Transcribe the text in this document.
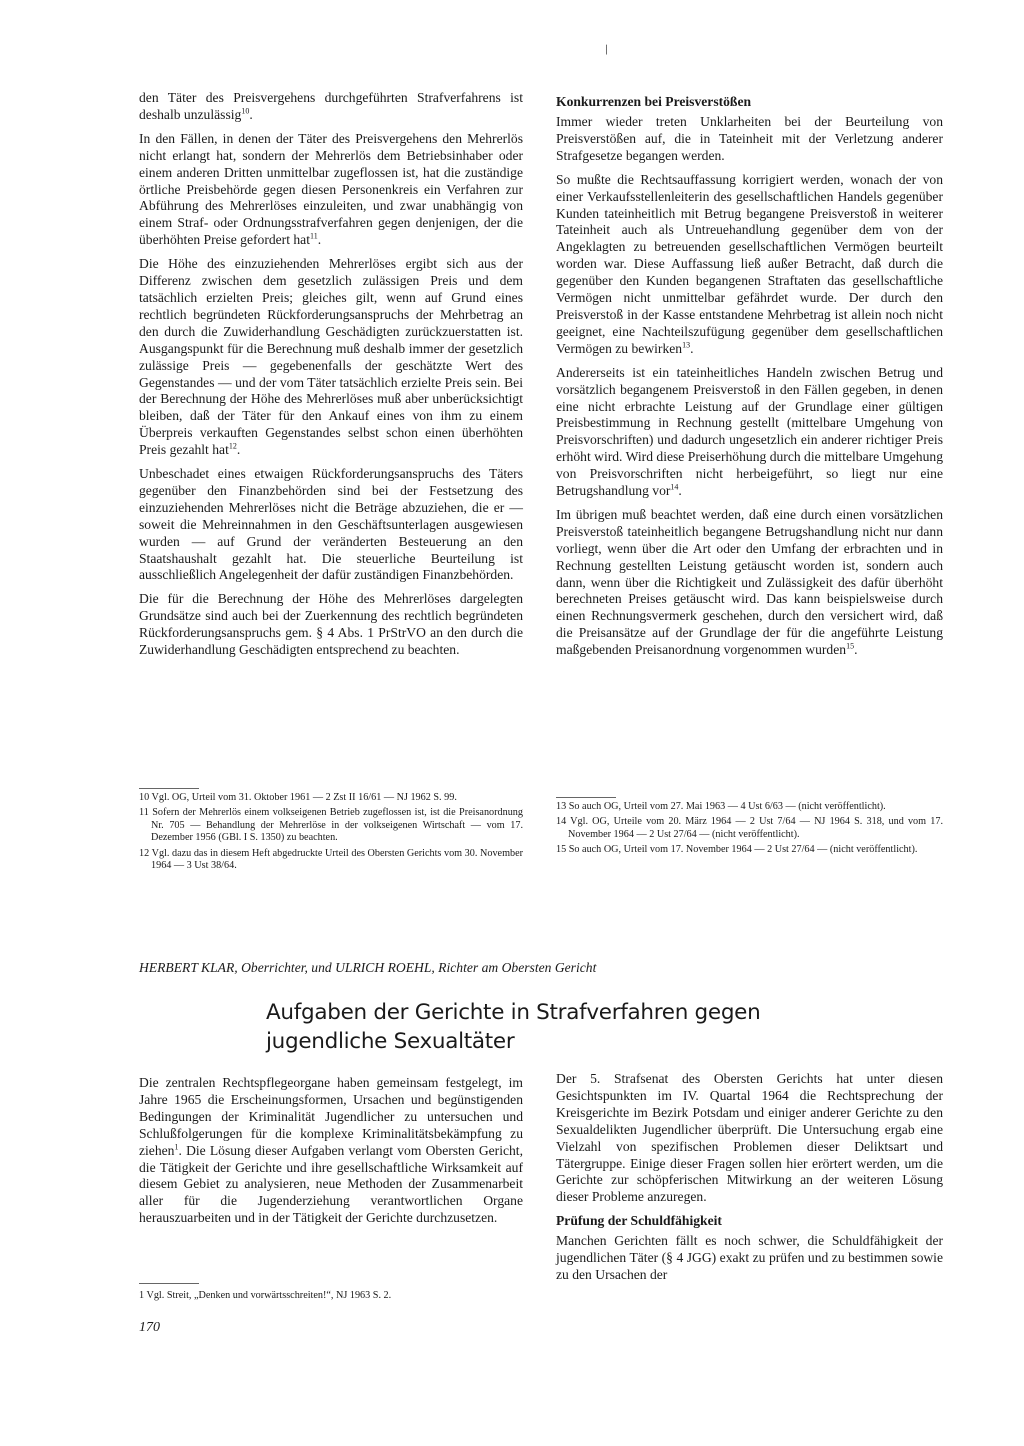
/

den Täter des Preisvergehens durchgeführten Strafverfahrens ist deshalb unzulässig$^{10}$.

In den Fällen, in denen der Täter des Preisvergehens den Mehrerlös nicht erlangt hat, sondern der Mehrerlös dem Betriebsinhaber oder einem anderen Dritten unmittelbar zugeflossen ist, hat die zuständige örtliche Preisbehörde gegen diesen Personenkreis ein Verfahren zur Abführung des Mehrerlöses einzuleiten, und zwar unabhängig von einem Straf- oder Ordnungsstrafverfahren gegen denjenigen, der die überhöhten Preise gefordert hat$^{11}$.

Die Höhe des einzuziehenden Mehrerlöses ergibt sich aus der Differenz zwischen dem gesetzlich zulässigen Preis und dem tatsächlich erzielten Preis; gleiches gilt, wenn auf Grund eines rechtlich begründeten Rückforderungsanspruchs der Mehrbetrag an den durch die Zuwiderhandlung Geschädigten zurückzuerstatten ist. Ausgangspunkt für die Berechnung muß deshalb immer der gesetzlich zulässige Preis — gegebenenfalls der geschätzte Wert des Gegenstandes — und der vom Täter tatsächlich erzielte Preis sein. Bei der Berechnung der Höhe des Mehrerlöses muß aber unberücksichtigt bleiben, daß der Täter für den Ankauf eines von ihm zu einem Überpreis verkauften Gegenstandes selbst schon einen überhöhten Preis gezahlt hat$^{12}$.

Unbeschadet eines etwaigen Rückforderungsanspruchs des Täters gegenüber den Finanzbehörden sind bei der Festsetzung des einzuziehenden Mehrerlöses nicht die Beträge abzuziehen, die er — soweit die Mehreinnahmen in den Geschäftsunterlagen ausgewiesen wurden — auf Grund der veränderten Besteuerung an den Staatshaushalt gezahlt hat. Die steuerliche Beurteilung ist ausschließlich Angelegenheit der dafür zuständigen Finanzbehörden.

Die für die Berechnung der Höhe des Mehrerlöses dargelegten Grundsätze sind auch bei der Zuerkennung des rechtlich begründeten Rückforderungsanspruchs gem. § 4 Abs. 1 PrStrVO an den durch die Zuwiderhandlung Geschädigten entsprechend zu beachten.

10 Vgl. OG, Urteil vom 31. Oktober 1961 — 2 Zst II 16/61 — NJ 1962 S. 99.
11 Sofern der Mehrerlös einem volkseigenen Betrieb zugeflossen ist, ist die Preisanordnung Nr. 705 — Behandlung der Mehrerlöse in der volkseigenen Wirtschaft — vom 17. Dezember 1956 (GBl. I S. 1350) zu beachten.
12 Vgl. dazu das in diesem Heft abgedruckte Urteil des Obersten Gerichts vom 30. November 1964 — 3 Ust 38/64.
Konkurrenzen bei Preisverstößen

Immer wieder treten Unklarheiten bei der Beurteilung von Preisverstößen auf, die in Tateinheit mit der Verletzung anderer Strafgesetze begangen werden.

So mußte die Rechtsauffassung korrigiert werden, wonach der von einer Verkaufsstellenleiterin des gesellschaftlichen Handels gegenüber Kunden tateinheitlich mit Betrug begangene Preisverstoß in weiterer Tateinheit auch als Untreuehandlung gegenüber dem von der Angeklagten zu betreuenden gesellschaftlichen Vermögen beurteilt worden war. Diese Auffassung ließ außer Betracht, daß durch die gegenüber den Kunden begangenen Straftaten das gesellschaftliche Vermögen nicht unmittelbar gefährdet wurde. Der durch den Preisverstoß in der Kasse entstandene Mehrbetrag ist allein noch nicht geeignet, eine Nachteilszufügung gegenüber dem gesellschaftlichen Vermögen zu bewirken$^{13}$.

Andererseits ist ein tateinheitliches Handeln zwischen Betrug und vorsätzlich begangenem Preisverstoß in den Fällen gegeben, in denen eine nicht erbrachte Leistung auf der Grundlage einer gültigen Preisbestimmung in Rechnung gestellt (mittelbare Umgehung von Preisvorschriften) und dadurch ungesetzlich ein anderer richtiger Preis erhöht wird. Wird diese Preiserhöhung durch die mittelbare Umgehung von Preisvorschriften nicht herbeigeführt, so liegt nur eine Betrugshandlung vor$^{14}$.

Im übrigen muß beachtet werden, daß eine durch einen vorsätzlichen Preisverstoß tateinheitlich begangene Betrugshandlung nicht nur dann vorliegt, wenn über die Art oder den Umfang der erbrachten und in Rechnung gestellten Leistung getäuscht worden ist, sondern auch dann, wenn über die Richtigkeit und Zulässigkeit des dafür überhöht berechneten Preises getäuscht wird. Das kann beispielsweise durch einen Rechnungsvermerk geschehen, durch den versichert wird, daß die Preisansätze auf der Grundlage der für die angeführte Leistung maßgebenden Preisanordnung vorgenommen wurden$^{15}$.

13 So auch OG, Urteil vom 27. Mai 1963 — 4 Ust 6/63 — (nicht veröffentlicht).
14 Vgl. OG, Urteile vom 20. März 1964 — 2 Ust 7/64 — NJ 1964 S. 318, und vom 17. November 1964 — 2 Ust 27/64 — (nicht veröffentlicht).
15 So auch OG, Urteil vom 17. November 1964 — 2 Ust 27/64 — (nicht veröffentlicht).
HERBERT KLAR, Oberrichter, und ULRICH ROEHL, Richter am Obersten Gericht
Aufgaben der Gerichte in Strafverfahren gegen jugendliche Sexualtäter

Die zentralen Rechtspflegeorgane haben gemeinsam festgelegt, im Jahre 1965 die Erscheinungsformen, Ursachen und begünstigenden Bedingungen der Kriminalität Jugendlicher zu untersuchen und Schlußfolgerungen für die komplexe Kriminalitätsbekämpfung zu ziehen$^1$. Die Lösung dieser Aufgaben verlangt vom Obersten Gericht, die Tätigkeit der Gerichte und ihre gesellschaftliche Wirksamkeit auf diesem Gebiet zu analysieren, neue Methoden der Zusammenarbeit aller für die Jugenderziehung verantwortlichen Organe herauszuarbeiten und in der Tätigkeit der Gerichte durchzusetzen.

1 Vgl. Streit, „Denken und vorwärtsschreiten!“, NJ 1963 S. 2.

Der 5. Strafsenat des Obersten Gerichts hat unter diesen Gesichtspunkten im IV. Quartal 1964 die Rechtsprechung der Kreisgerichte im Bezirk Potsdam und einiger anderer Gerichte zu den Sexualdelikten Jugendlicher überprüft. Die Untersuchung ergab eine Vielzahl von spezifischen Problemen dieser Deliktsart und Tätergruppe. Einige dieser Fragen sollen hier erörtert werden, um die Gerichte zur schöpferischen Mitwirkung an der weiteren Lösung dieser Probleme anzuregen.

Prüfung der Schuldfähigkeit

Manchen Gerichten fällt es noch schwer, die Schuldfähigkeit der jugendlichen Täter (§ 4 JGG) exakt zu prüfen und zu bestimmen sowie zu den Ursachen der

170
